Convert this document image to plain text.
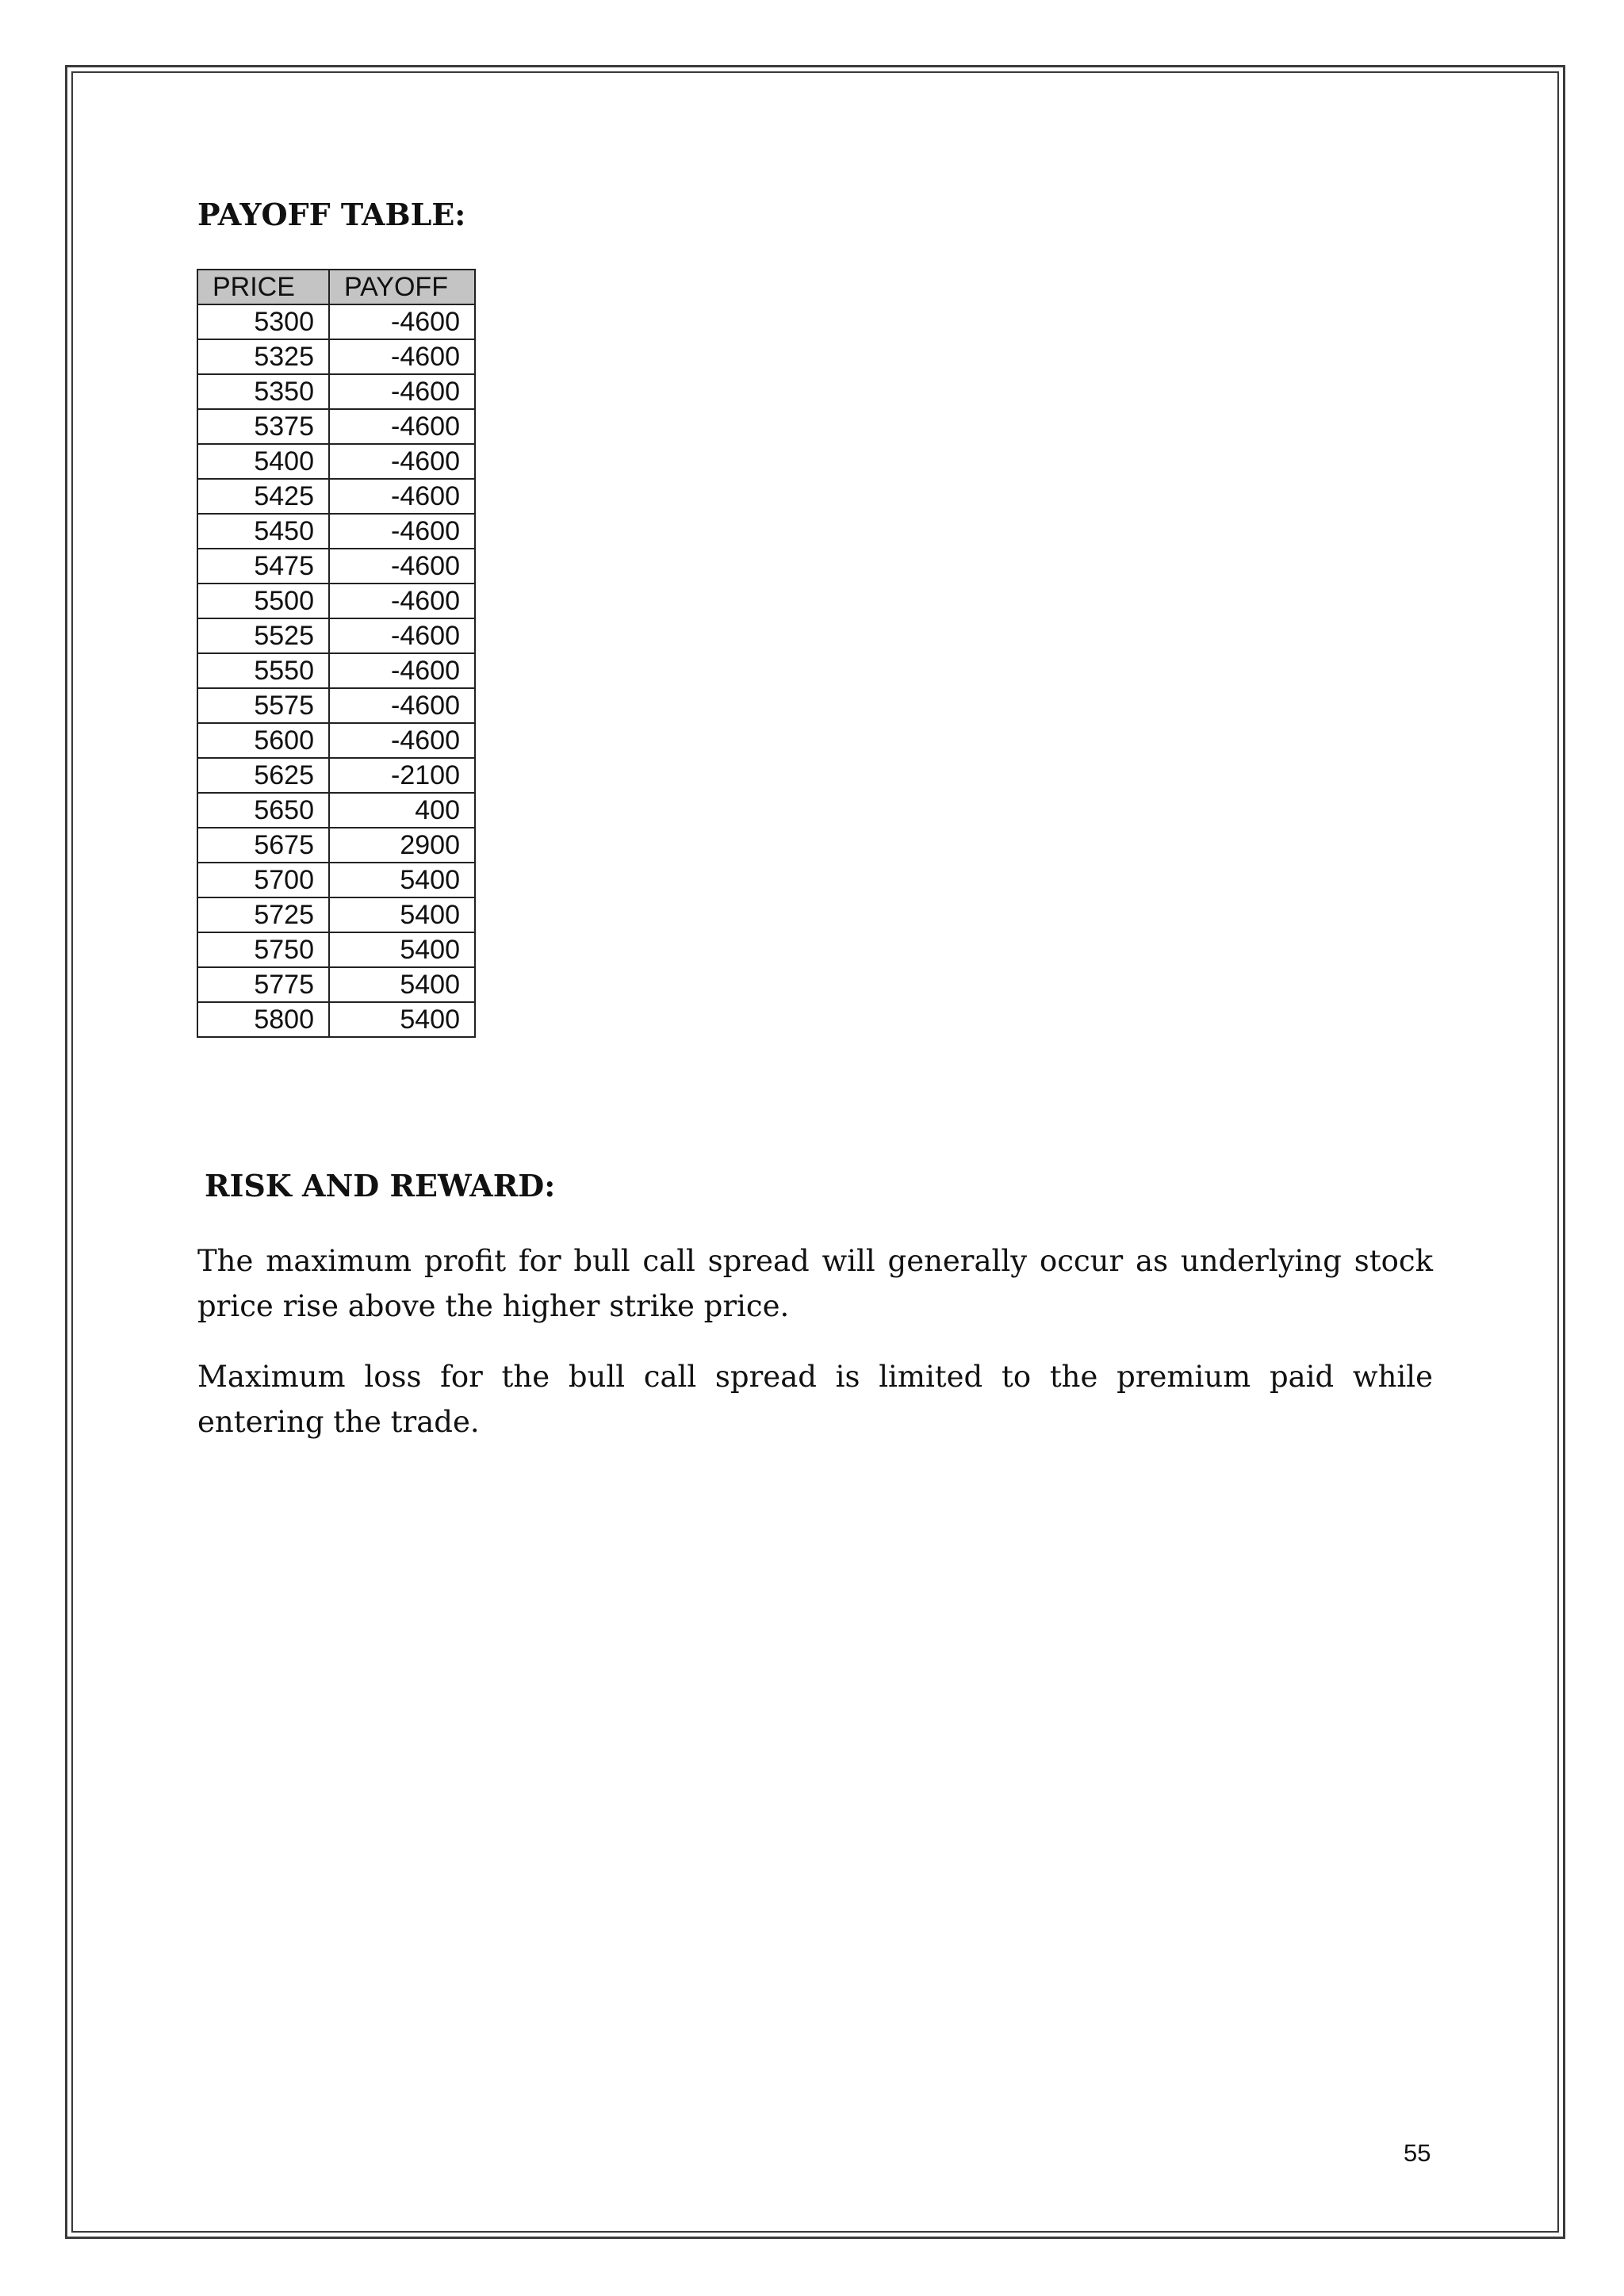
PAYOFF TABLE:
PRICE	PAYOFF
5300	-4600
5325	-4600
5350	-4600
5375	-4600
5400	-4600
5425	-4600
5450	-4600
5475	-4600
5500	-4600
5525	-4600
5550	-4600
5575	-4600
5600	-4600
5625	-2100
5650	400
5675	2900
5700	5400
5725	5400
5750	5400
5775	5400
5800	5400
RISK AND REWARD:

The maximum profit for bull call spread will generally occur as underlying stock price rise above the higher strike price.

Maximum loss for the bull call spread is limited to the premium paid while entering the trade.

55
